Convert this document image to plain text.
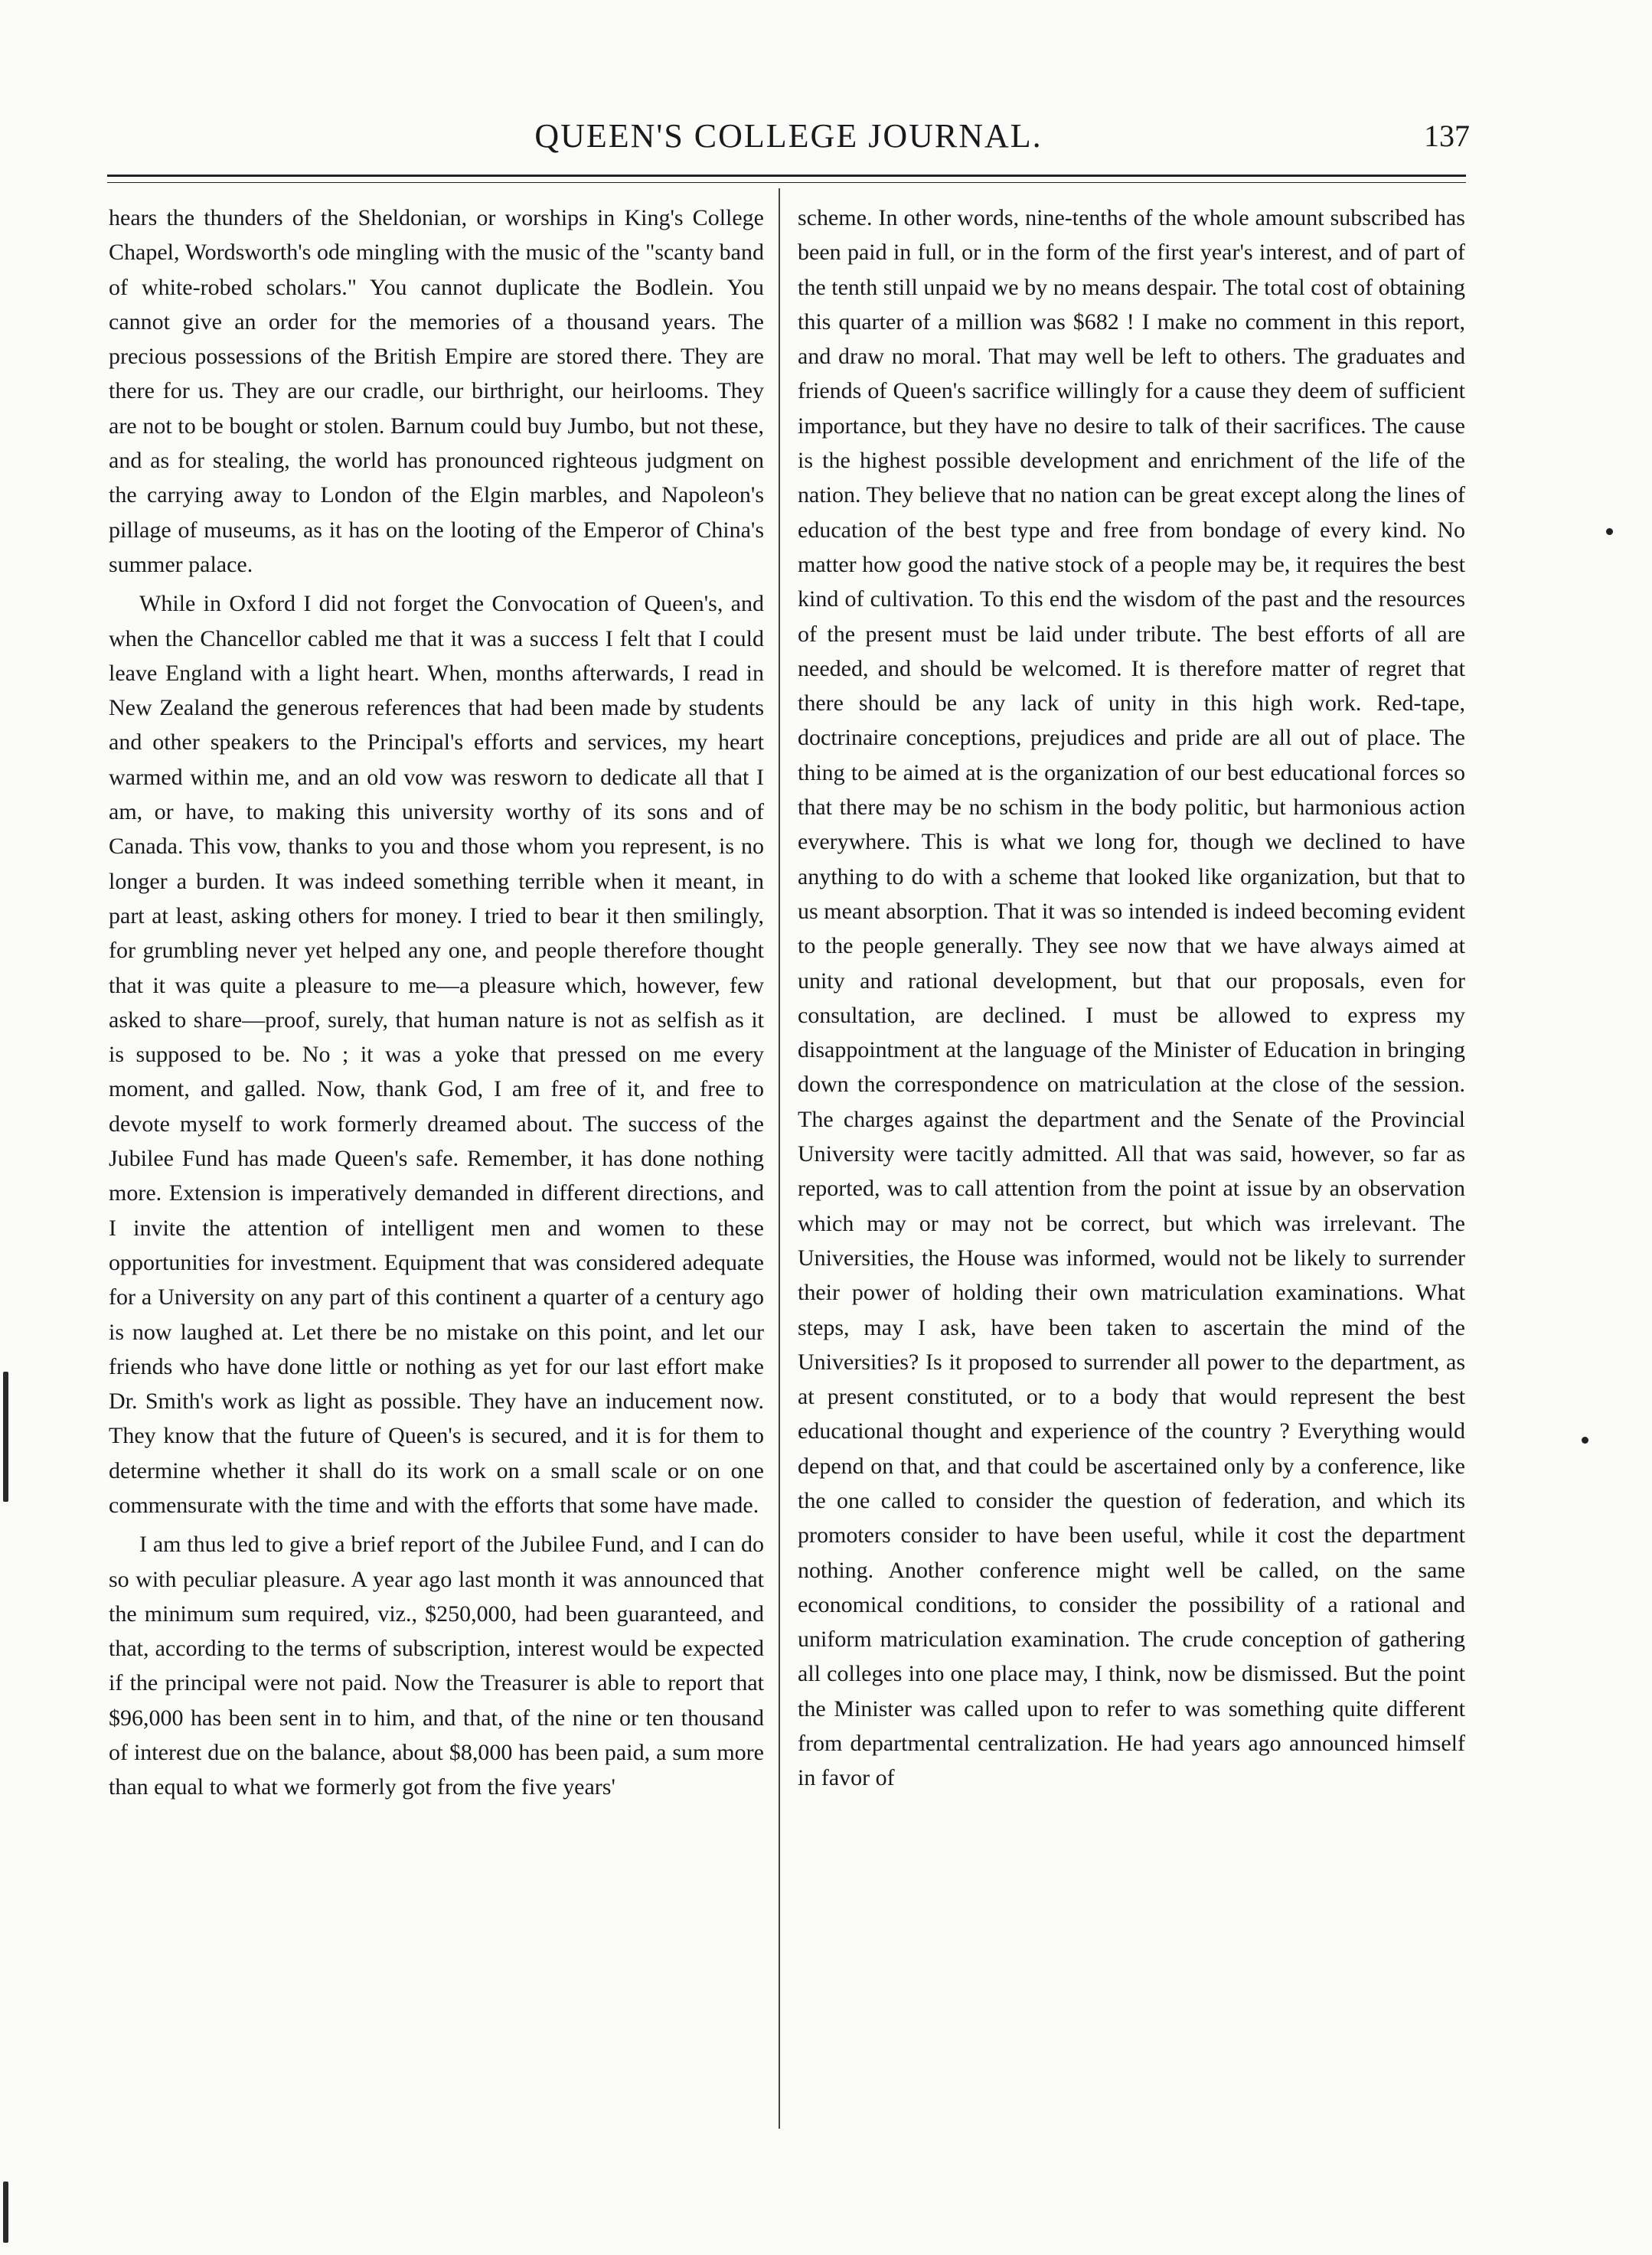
QUEEN'S COLLEGE JOURNAL.	137

hears the thunders of the Sheldonian, or worships in King's College Chapel, Wordsworth's ode mingling with the music of the "scanty band of white-robed scholars." You cannot duplicate the Bodlein. You cannot give an order for the memories of a thousand years. The precious possessions of the British Empire are stored there. They are there for us. They are our cradle, our birthright, our heirlooms. They are not to be bought or stolen. Barnum could buy Jumbo, but not these, and as for stealing, the world has pronounced righteous judgment on the carrying away to London of the Elgin marbles, and Napoleon's pillage of museums, as it has on the looting of the Emperor of China's summer palace.

While in Oxford I did not forget the Convocation of Queen's, and when the Chancellor cabled me that it was a success I felt that I could leave England with a light heart. When, months afterwards, I read in New Zealand the generous references that had been made by students and other speakers to the Principal's efforts and services, my heart warmed within me, and an old vow was resworn to dedicate all that I am, or have, to making this university worthy of its sons and of Canada. This vow, thanks to you and those whom you represent, is no longer a burden. It was indeed something terrible when it meant, in part at least, asking others for money. I tried to bear it then smilingly, for grumbling never yet helped any one, and people therefore thought that it was quite a pleasure to me—a pleasure which, however, few asked to share—proof, surely, that human nature is not as selfish as it is supposed to be. No ; it was a yoke that pressed on me every moment, and galled. Now, thank God, I am free of it, and free to devote myself to work formerly dreamed about. The success of the Jubilee Fund has made Queen's safe. Remember, it has done nothing more. Extension is imperatively demanded in different directions, and I invite the attention of intelligent men and women to these opportunities for investment. Equipment that was considered adequate for a University on any part of this continent a quarter of a century ago is now laughed at. Let there be no mistake on this point, and let our friends who have done little or nothing as yet for our last effort make Dr. Smith's work as light as possible. They have an inducement now. They know that the future of Queen's is secured, and it is for them to determine whether it shall do its work on a small scale or on one commensurate with the time and with the efforts that some have made.

I am thus led to give a brief report of the Jubilee Fund, and I can do so with peculiar pleasure. A year ago last month it was announced that the minimum sum required, viz., $250,000, had been guaranteed, and that, according to the terms of subscription, interest would be expected if the principal were not paid. Now the Treasurer is able to report that $96,000 has been sent in to him, and that, of the nine or ten thousand of interest due on the balance, about $8,000 has been paid, a sum more than equal to what we formerly got from the five years'

scheme. In other words, nine-tenths of the whole amount subscribed has been paid in full, or in the form of the first year's interest, and of part of the tenth still unpaid we by no means despair. The total cost of obtaining this quarter of a million was $682 ! I make no comment in this report, and draw no moral. That may well be left to others. The graduates and friends of Queen's sacrifice willingly for a cause they deem of sufficient importance, but they have no desire to talk of their sacrifices. The cause is the highest possible development and enrichment of the life of the nation. They believe that no nation can be great except along the lines of education of the best type and free from bondage of every kind. No matter how good the native stock of a people may be, it requires the best kind of cultivation. To this end the wisdom of the past and the resources of the present must be laid under tribute. The best efforts of all are needed, and should be welcomed. It is therefore matter of regret that there should be any lack of unity in this high work. Red-tape, doctrinaire conceptions, prejudices and pride are all out of place. The thing to be aimed at is the organization of our best educational forces so that there may be no schism in the body politic, but harmonious action everywhere. This is what we long for, though we declined to have anything to do with a scheme that looked like organization, but that to us meant absorption. That it was so intended is indeed becoming evident to the people generally. They see now that we have always aimed at unity and rational development, but that our proposals, even for consultation, are declined. I must be allowed to express my disappointment at the language of the Minister of Education in bringing down the correspondence on matriculation at the close of the session. The charges against the department and the Senate of the Provincial University were tacitly admitted. All that was said, however, so far as reported, was to call attention from the point at issue by an observation which may or may not be correct, but which was irrelevant. The Universities, the House was informed, would not be likely to surrender their power of holding their own matriculation examinations. What steps, may I ask, have been taken to ascertain the mind of the Universities? Is it proposed to surrender all power to the department, as at present constituted, or to a body that would represent the best educational thought and experience of the country ? Everything would depend on that, and that could be ascertained only by a conference, like the one called to consider the question of federation, and which its promoters consider to have been useful, while it cost the department nothing. Another conference might well be called, on the same economical conditions, to consider the possibility of a rational and uniform matriculation examination. The crude conception of gathering all colleges into one place may, I think, now be dismissed. But the point the Minister was called upon to refer to was something quite different from departmental centralization. He had years ago announced himself in favor of
